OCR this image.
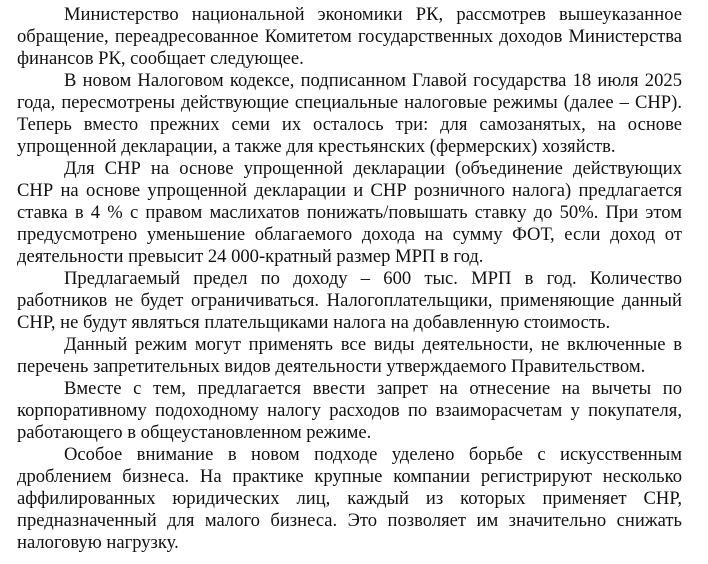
Министерство национальной экономики РК, рассмотрев вышеуказанное обращение, переадресованное Комитетом государственных доходов Министерства финансов РК, сообщает следующее.

В новом Налоговом кодексе, подписанном Главой государства 18 июля 2025 года, пересмотрены действующие специальные налоговые режимы (далее – СНР). Теперь вместо прежних семи их осталось три: для самозанятых, на основе упрощенной декларации, а также для крестьянских (фермерских) хозяйств.

Для СНР на основе упрощенной декларации (объединение действующих СНР на основе упрощенной декларации и СНР розничного налога) предлагается ставка в 4 % с правом маслихатов понижать/повышать ставку до 50%. При этом предусмотрено уменьшение облагаемого дохода на сумму ФОТ, если доход от деятельности превысит 24 000-кратный размер МРП в год.

Предлагаемый предел по доходу – 600 тыс. МРП в год. Количество работников не будет ограничиваться. Налогоплательщики, применяющие данный СНР, не будут являться плательщиками налога на добавленную стоимость.

Данный режим могут применять все виды деятельности, не включенные в перечень запретительных видов деятельности утверждаемого Правительством.

Вместе с тем, предлагается ввести запрет на отнесение на вычеты по корпоративному подоходному налогу расходов по взаиморасчетам у покупателя, работающего в общеустановленном режиме.

Особое внимание в новом подходе уделено борьбе с искусственным дроблением бизнеса. На практике крупные компании регистрируют несколько аффилированных юридических лиц, каждый из которых применяет СНР, предназначенный для малого бизнеса. Это позволяет им значительно снижать налоговую нагрузку.
